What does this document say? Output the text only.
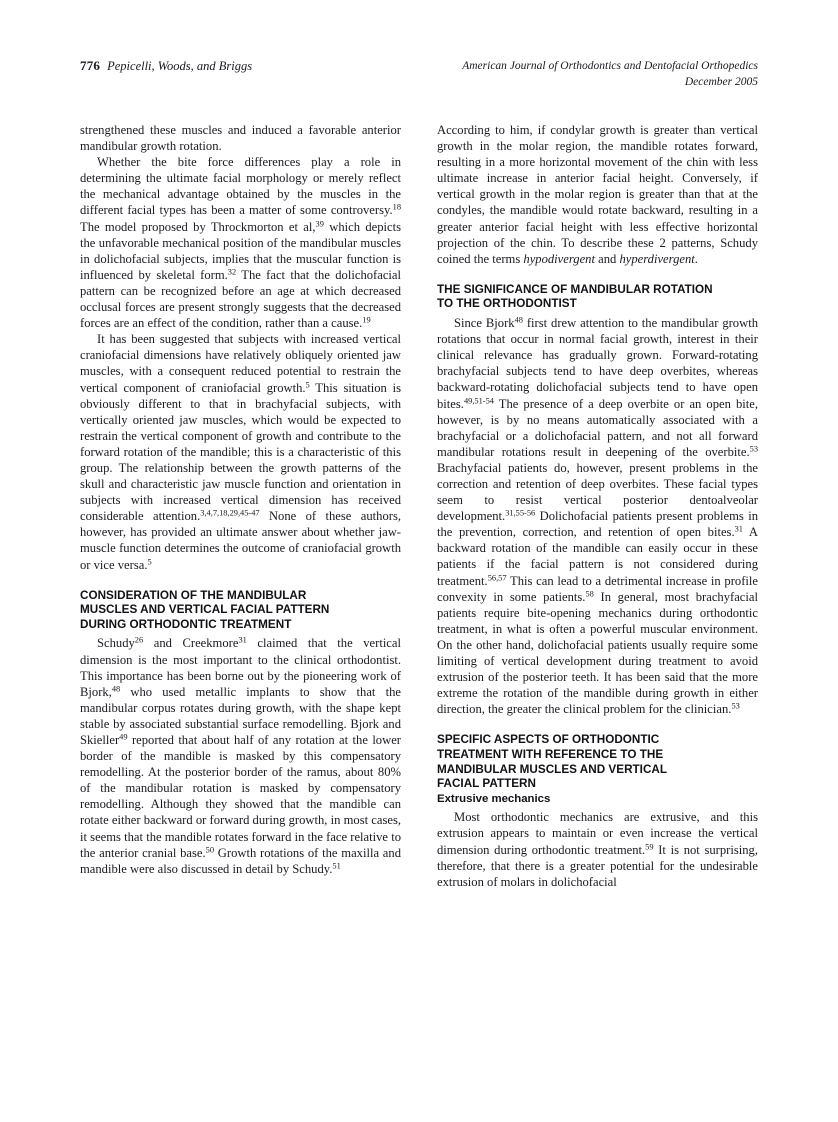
776 Pepicelli, Woods, and Briggs	American Journal of Orthodontics and Dentofacial Orthopedics
December 2005

strengthened these muscles and induced a favorable anterior mandibular growth rotation.

Whether the bite force differences play a role in determining the ultimate facial morphology or merely reflect the mechanical advantage obtained by the muscles in the different facial types has been a matter of some controversy.$^{18}$ The model proposed by Throckmorton et al,$^{39}$ which depicts the unfavorable mechanical position of the mandibular muscles in dolichofacial subjects, implies that the muscular function is influenced by skeletal form.$^{32}$ The fact that the dolichofacial pattern can be recognized before an age at which decreased occlusal forces are present strongly suggests that the decreased forces are an effect of the condition, rather than a cause.$^{19}$

It has been suggested that subjects with increased vertical craniofacial dimensions have relatively obliquely oriented jaw muscles, with a consequent reduced potential to restrain the vertical component of craniofacial growth.$^5$ This situation is obviously different to that in brachyfacial subjects, with vertically oriented jaw muscles, which would be expected to restrain the vertical component of growth and contribute to the forward rotation of the mandible; this is a characteristic of this group. The relationship between the growth patterns of the skull and characteristic jaw muscle function and orientation in subjects with increased vertical dimension has received considerable attention.$^{3,4,7,18,29,45-47}$ None of these authors, however, has provided an ultimate answer about whether jaw-muscle function determines the outcome of craniofacial growth or vice versa.$^5$

CONSIDERATION OF THE MANDIBULAR
MUSCLES AND VERTICAL FACIAL PATTERN
DURING ORTHODONTIC TREATMENT

Schudy$^{26}$ and Creekmore$^{31}$ claimed that the vertical dimension is the most important to the clinical orthodontist. This importance has been borne out by the pioneering work of Bjork,$^{48}$ who used metallic implants to show that the mandibular corpus rotates during growth, with the shape kept stable by associated substantial surface remodelling. Bjork and Skieller$^{49}$ reported that about half of any rotation at the lower border of the mandible is masked by this compensatory remodelling. At the posterior border of the ramus, about 80% of the mandibular rotation is masked by compensatory remodelling. Although they showed that the mandible can rotate either backward or forward during growth, in most cases, it seems that the mandible rotates forward in the face relative to the anterior cranial base.$^{50}$ Growth rotations of the maxilla and mandible were also discussed in detail by Schudy.$^{51}$

According to him, if condylar growth is greater than vertical growth in the molar region, the mandible rotates forward, resulting in a more horizontal movement of the chin with less ultimate increase in anterior facial height. Conversely, if vertical growth in the molar region is greater than that at the condyles, the mandible would rotate backward, resulting in a greater anterior facial height with less effective horizontal projection of the chin. To describe these 2 patterns, Schudy coined the terms hypodivergent and hyperdivergent.

THE SIGNIFICANCE OF MANDIBULAR ROTATION
TO THE ORTHODONTIST

Since Bjork$^{48}$ first drew attention to the mandibular growth rotations that occur in normal facial growth, interest in their clinical relevance has gradually grown. Forward-rotating brachyfacial subjects tend to have deep overbites, whereas backward-rotating dolichofacial subjects tend to have open bites.$^{49,51-54}$ The presence of a deep overbite or an open bite, however, is by no means automatically associated with a brachyfacial or a dolichofacial pattern, and not all forward mandibular rotations result in deepening of the overbite.$^{53}$ Brachyfacial patients do, however, present problems in the correction and retention of deep overbites. These facial types seem to resist vertical posterior dentoalveolar development.$^{31,55-56}$ Dolichofacial patients present problems in the prevention, correction, and retention of open bites.$^{31}$ A backward rotation of the mandible can easily occur in these patients if the facial pattern is not considered during treatment.$^{56,57}$ This can lead to a detrimental increase in profile convexity in some patients.$^{58}$ In general, most brachyfacial patients require bite-opening mechanics during orthodontic treatment, in what is often a powerful muscular environment. On the other hand, dolichofacial patients usually require some limiting of vertical development during treatment to avoid extrusion of the posterior teeth. It has been said that the more extreme the rotation of the mandible during growth in either direction, the greater the clinical problem for the clinician.$^{53}$

SPECIFIC ASPECTS OF ORTHODONTIC
TREATMENT WITH REFERENCE TO THE
MANDIBULAR MUSCLES AND VERTICAL
FACIAL PATTERN
Extrusive mechanics

Most orthodontic mechanics are extrusive, and this extrusion appears to maintain or even increase the vertical dimension during orthodontic treatment.$^{59}$ It is not surprising, therefore, that there is a greater potential for the undesirable extrusion of molars in dolichofacial
